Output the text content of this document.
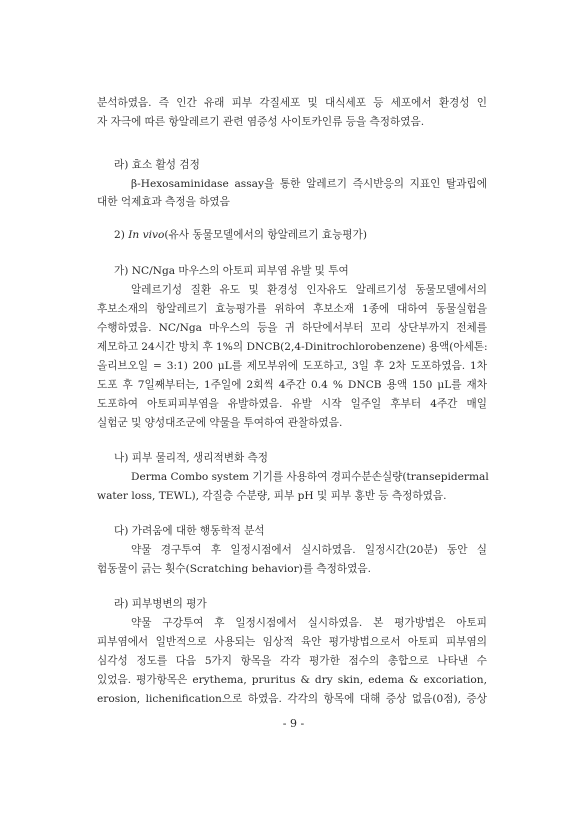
분석하였음. 즉 인간 유래 피부 각질세포 및 대식세포 등 세포에서 환경성 인
자 자극에 따른 항알레르기 관련 염증성 사이토카인류 등을 측정하였음.
라) 효소 활성 검정
β-Hexosaminidase assay을 통한 알레르기 즉시반응의 지표인 탈과립에
대한 억제효과 측정을 하였음
2) In vivo(유사 동물모델에서의 항알레르기 효능평가)
가) NC/Nga 마우스의 아토피 피부염 유발 및 투여
알레르기성 질환 유도 및 환경성 인자유도 알레르기성 동물모델에서의
후보소재의 항알레르기 효능평가를 위하여 후보소재 1종에 대하여 동물실험을
수행하였음. NC/Nga 마우스의 등을 귀 하단에서부터 꼬리 상단부까지 전체를
제모하고 24시간 방치 후 1%의 DNCB(2,4-Dinitrochlorobenzene) 용액(아세톤:
올리브오일 = 3:1) 200 μL를 제모부위에 도포하고, 3일 후 2차 도포하였음. 1차
도포 후 7일째부터는, 1주일에 2회씩 4주간 0.4 % DNCB 용액 150 μL를 재차
도포하여 아토피피부염을 유발하였음. 유발 시작 일주일 후부터 4주간 매일
실험군 및 양성대조군에 약물을 투여하여 관찰하였음.
나) 피부 물리적, 생리적변화 측정
Derma Combo system 기기를 사용하여 경피수분손실량(transepidermal
water loss, TEWL), 각질층 수분량, 피부 pH 및 피부 홍반 등 측정하였음.
다) 가려움에 대한 행동학적 분석
약물 경구투여 후 일정시점에서 실시하였음. 일정시간(20분) 동안 실
험동물이 긁는 횟수(Scratching behavior)를 측정하였음.
라) 피부병변의 평가
약물 구강투여 후 일정시점에서 실시하였음. 본 평가방법은 아토피
피부염에서 일반적으로 사용되는 임상적 육안 평가방법으로서 아토피 피부염의
심각성 정도를 다음 5가지 항목을 각각 평가한 점수의 총합으로 나타낸 수
있었음. 평가항목은 erythema, pruritus & dry skin, edema & excoriation,
erosion, lichenification으로 하였음. 각각의 항목에 대해 증상 없음(0점), 증상
- 9 -
